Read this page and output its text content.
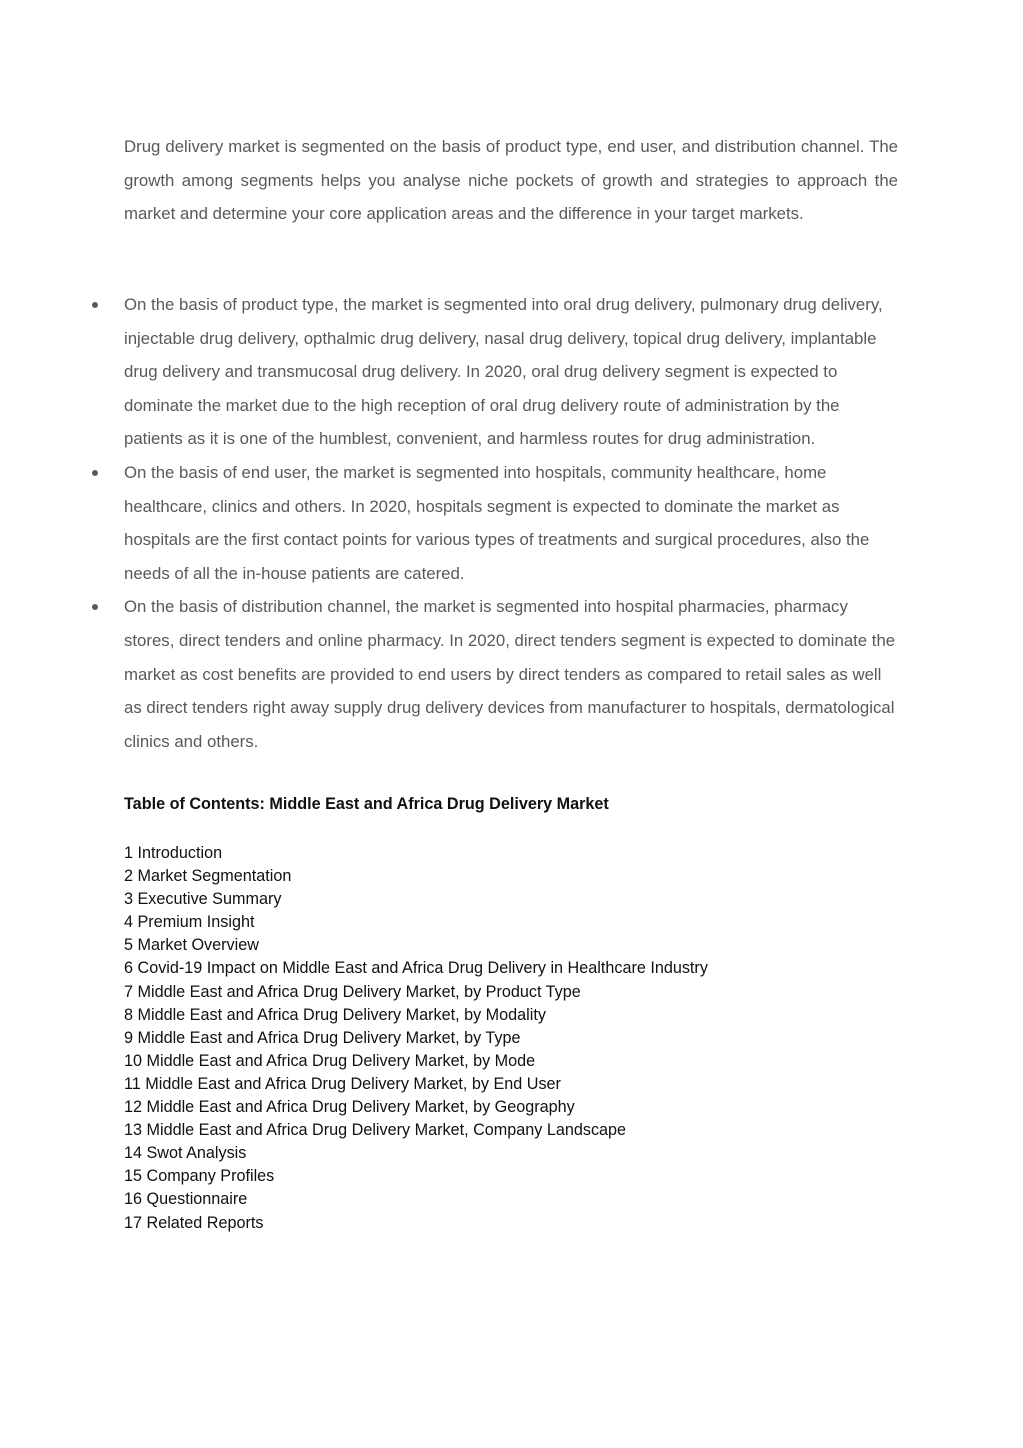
Drug delivery market is segmented on the basis of product type, end user, and distribution channel. The growth among segments helps you analyse niche pockets of growth and strategies to approach the market and determine your core application areas and the difference in your target markets.

On the basis of product type, the market is segmented into oral drug delivery, pulmonary drug delivery, injectable drug delivery, opthalmic drug delivery, nasal drug delivery, topical drug delivery, implantable drug delivery and transmucosal drug delivery. In 2020, oral drug delivery segment is expected to dominate the market due to the high reception of oral drug delivery route of administration by the patients as it is one of the humblest, convenient, and harmless routes for drug administration.
On the basis of end user, the market is segmented into hospitals, community healthcare, home healthcare, clinics and others. In 2020, hospitals segment is expected to dominate the market as hospitals are the first contact points for various types of treatments and surgical procedures, also the needs of all the in-house patients are catered.
On the basis of distribution channel, the market is segmented into hospital pharmacies, pharmacy stores, direct tenders and online pharmacy. In 2020, direct tenders segment is expected to dominate the market as cost benefits are provided to end users by direct tenders as compared to retail sales as well as direct tenders right away supply drug delivery devices from manufacturer to hospitals, dermatological clinics and others.
Table of Contents: Middle East and Africa Drug Delivery Market
1 Introduction
2 Market Segmentation
3 Executive Summary
4 Premium Insight
5 Market Overview
6 Covid-19 Impact on Middle East and Africa Drug Delivery in Healthcare Industry
7 Middle East and Africa Drug Delivery Market, by Product Type
8 Middle East and Africa Drug Delivery Market, by Modality
9 Middle East and Africa Drug Delivery Market, by Type
10 Middle East and Africa Drug Delivery Market, by Mode
11 Middle East and Africa Drug Delivery Market, by End User
12 Middle East and Africa Drug Delivery Market, by Geography
13 Middle East and Africa Drug Delivery Market, Company Landscape
14 Swot Analysis
15 Company Profiles
16 Questionnaire
17 Related Reports
